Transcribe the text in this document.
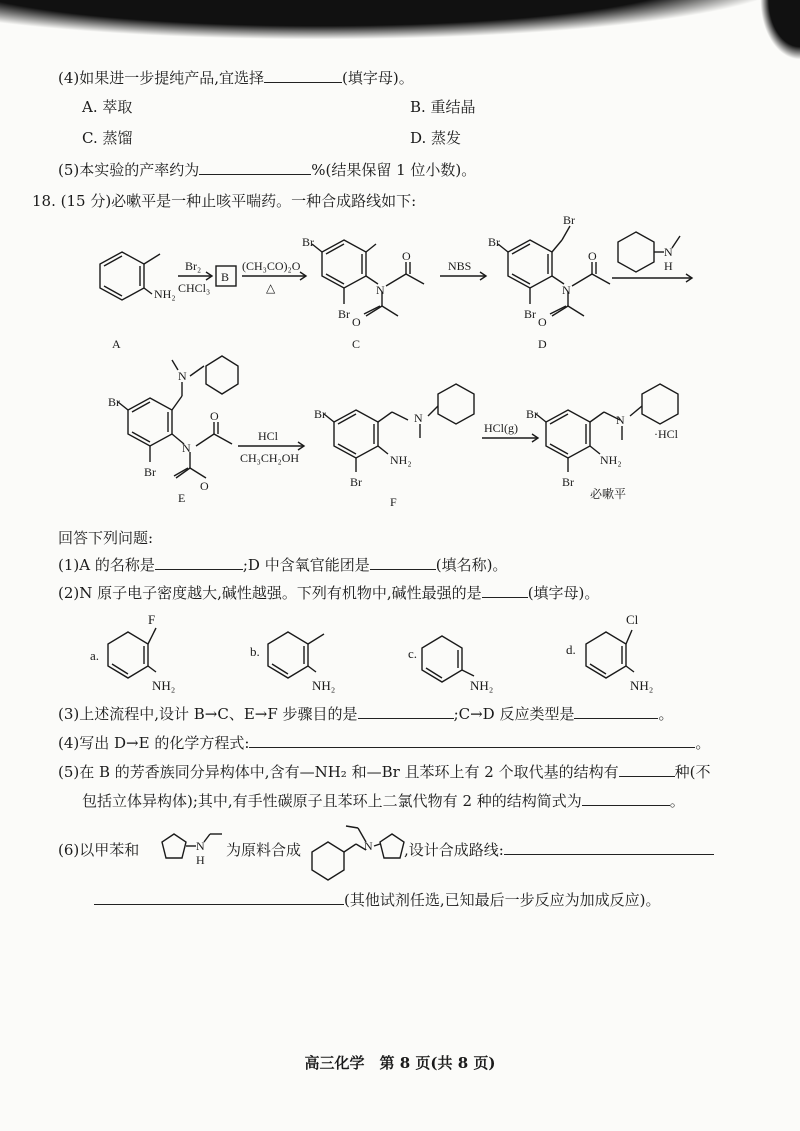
(4)如果进一步提纯产品,宜选择	(填字母)。
A. 萃取	B. 重结晶
C. 蒸馏	D. 蒸发
(5)本实验的产率约为	%(结果保留 1 位小数)。
18. (15 分)必嗽平是一种止咳平喘药。一种合成路线如下:
NH₂
Br₂
CHCl₃
B
(CH₃CO)₂O
△
Br
Br
N
O
O
NBS
Br
Br
Br
N
O
O
N
H
A	C	D
Br
Br
N
N
O
O
E
HCl
CH₃CH₂OH
Br
Br
NH₂
N
F
HCl(g)
Br
Br
NH₂
N
·HCl
必嗽平
回答下列问题:
(1)A 的名称是	;D 中含氧官能团是	(填名称)。
(2)N 原子电子密度越大,碱性越强。下列有机物中,碱性最强的是	(填字母)。
a.
F
NH₂
b.
NH₂
c.
NH₂
d.
Cl
NH₂
(3)上述流程中,设计 B→C、E→F 步骤目的是	;C→D 反应类型是	。
(4)写出 D→E 的化学方程式:	。
(5)在 B 的芳香族同分异构体中,含有—NH₂ 和—Br 且苯环上有 2 个取代基的结构有	种(不
包括立体异构体);其中,有手性碳原子且苯环上二氯代物有 2 种的结构简式为	。
(6)以甲苯和	为原料合成	,设计合成路线:
N
H
N
(其他试剂任选,已知最后一步反应为加成反应)。
高三化学　第 8 页(共 8 页)
